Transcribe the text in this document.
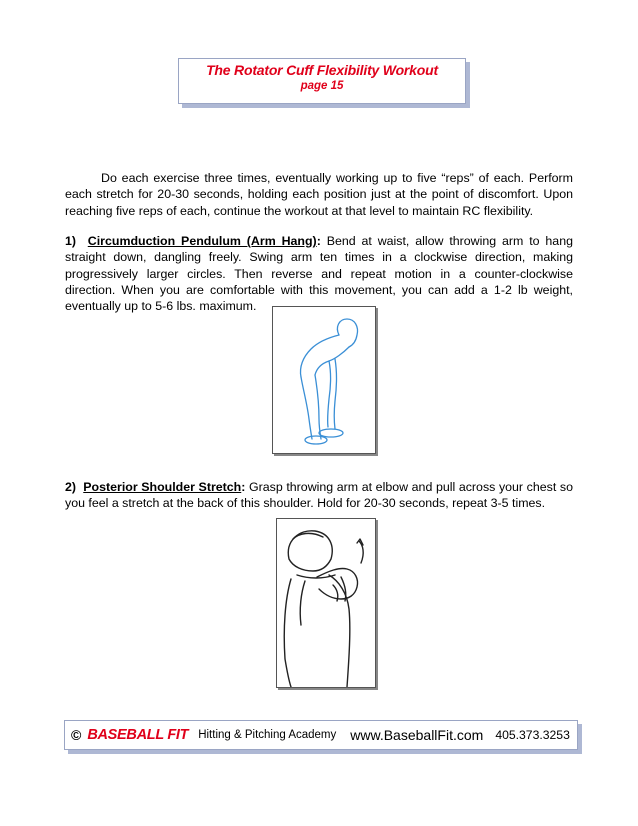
The Rotator Cuff Flexibility Workout
page 15

Do each exercise three times, eventually working up to five “reps” of each. Perform each stretch for 20-30 seconds, holding each position just at the point of discomfort. Upon reaching five reps of each, continue the workout at that level to maintain RC flexibility.

1) Circumduction Pendulum (Arm Hang): Bend at waist, allow throwing arm to hang straight down, dangling freely. Swing arm ten times in a clockwise direction, making progressively larger circles. Then reverse and repeat motion in a counter-clockwise direction. When you are comfortable with this movement, you can add a 1-2 lb weight, eventually up to 5-6 lbs. maximum.

2) Posterior Shoulder Stretch: Grasp throwing arm at elbow and pull across your chest so you feel a stretch at the back of this shoulder. Hold for 20-30 seconds, repeat 3-5 times.

© BASEBALL FIT Hitting & Pitching Academy www.BaseballFit.com 405.373.3253
